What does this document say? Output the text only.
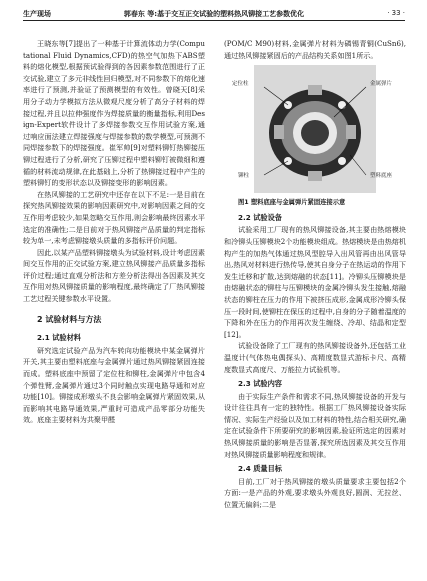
生产现场	郭春东 等:基于交互正交试验的塑料热风铆接工艺参数优化	· 33 ·

王晓东等[7]提出了一种基于计算流体动力学(Computational Fluid Dynamics,CFD)的热空气加热下ABS塑料的熔化模型,根据预试验得到的各因素参数范围进行了正交试验,建立了多元非线性回归模型,对不同参数下的熔化速率进行了预测,并验证了预测模型的有效性。曾晓天[8]采用分子动力学模拟方法从微观尺度分析了高分子材料的焊接过程,并且以拉伸强度作为焊接质量的衡量指标,利用Design-Expert软件设计了多焊接参数交互作用试验方案,通过响应面法建立焊接强度与焊接参数的数学模型,可预测不同焊接参数下的焊接强度。崔军帅[9]对塑料铆钉热铆接压铆过程进行了分析,研究了压铆过程中塑料铆钉被微细和遵循的材料流动规律,在此基础上,分析了热铆接过程中产生的塑料铆钉的变形状态以及铆接变形的影响因素。

在热风铆接的工艺研究中还存在以下不足:一是目前在探究热风铆接效果的影响因素研究中,对影响因素之间的交互作用考虑较少,如果忽略交互作用,则会影响最终因素水平选定的准确性;二是目前对于热风铆接产品质量的判定指标较为单一,未考虑铆接墩头质量的多指标评价问题。

因此,以某产品塑料铆接墩头为试验材料,设计考虑因素间交互作用的正交试验方案,建立热风铆接产品质量多指标评价过程;通过直观分析法和方差分析法得出各因素及其交互作用对热风铆接质量的影响程度,最终确定了厂热风铆接工艺过程关键参数水平设置。

2 试验材料与方法

2.1 试验材料

研究选定试验产品为汽车转向功能模块中某金属弹片开关,其主要由塑料底座与金属弹片通过热风铆接紧固连接而成。塑料底座中预留了定位柱和铆柱,金属弹片中包含4个弹性臂,金属弹片通过3个同时触点实现电路导通和对应功能[10]。铆接成形墩头不良会影响金属弹片紧固效果,从而影响其电路导通效果,严重时可造成产品零部分功能失效。底座主要材料为共聚甲醛

(POM/C M90)材料,金属弹片材料为磷锡青铜(CuSn6),通过热风铆接紧固后的产品结构关系如图1所示。

定位柱
铆柱
金属弹片
塑料底座

图1 塑料底座与金属弹片紧固连接示意

2.2 试验设备

试验采用工厂现有的热风铆接设备,其主要由热熔模块和冷铆头压铆模块2个功能模块组成。热熔模块是由热熔机构产生的加热气体通过热风型腔导入出风管再由出风管导出,热风对材料进行热传导,使其自身分子在热运动的作用下发生迁移和扩散,达到熔融的状态[11]。冷铆头压铆模块是由熔融状态的铆柱与压铆模块的金属冷铆头发生接触,熔融状态的铆柱在压力的作用下被挤压成形,金属成形冷铆头保压一段时间,使铆柱在保压的过程中,自身的分子随着温度的下降和外在压力的作用再次发生缠绕、冷却、结晶和定型[12]。

试验设备除了工厂现有的热风铆接设备外,还包括工业温度计(气体热电偶探头)、高精度数显式游标卡尺、高精度数显式高度尺、万能拉力试验机等。

2.3 试验内容

由于实际生产条件和需求不同,热风铆接设备的开发与设计往往具有一定的独特性。根据工厂热风铆接设备实际情况、实际生产经验以及加工材料的特性,结合相关研究,确定在试验条件下所要研究的影响因素,验证所选定的因素对热风铆接质量的影响是否显著,探究所选因素及其交互作用对热风铆接质量影响程度和规律。

2.4 质量目标

目前,工厂对于热风铆接的墩头质量要求主要包括2个方面:一是产品的外观,要求墩头外观良好,圆润、无拉丝、位置无偏斜;二是
